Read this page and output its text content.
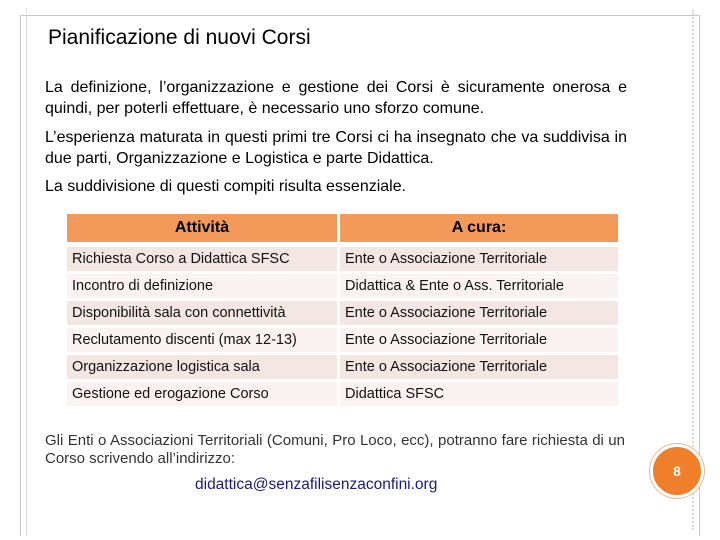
Pianificazione di nuovi Corsi
La definizione, l’organizzazione e gestione dei Corsi è sicuramente onerosa e quindi, per poterli effettuare, è necessario uno sforzo comune.
L’esperienza maturata in questi primi tre Corsi ci ha insegnato che va suddivisa in due parti, Organizzazione e Logistica e parte Didattica.
La suddivisione di questi compiti risulta essenziale.
Attività	A cura:
Richiesta Corso a Didattica SFSC	Ente o Associazione Territoriale
Incontro di definizione	Didattica & Ente o Ass. Territoriale
Disponibilità sala con connettività	Ente o Associazione Territoriale
Reclutamento discenti (max 12-13)	Ente o Associazione Territoriale
Organizzazione logistica sala	Ente o Associazione Territoriale
Gestione ed erogazione Corso	Didattica SFSC
Gli Enti o Associazioni Territoriali (Comuni, Pro Loco, ecc), potranno fare richiesta di un Corso scrivendo all’indirizzo:
didattica@senzafilisenzaconfini.org
8
